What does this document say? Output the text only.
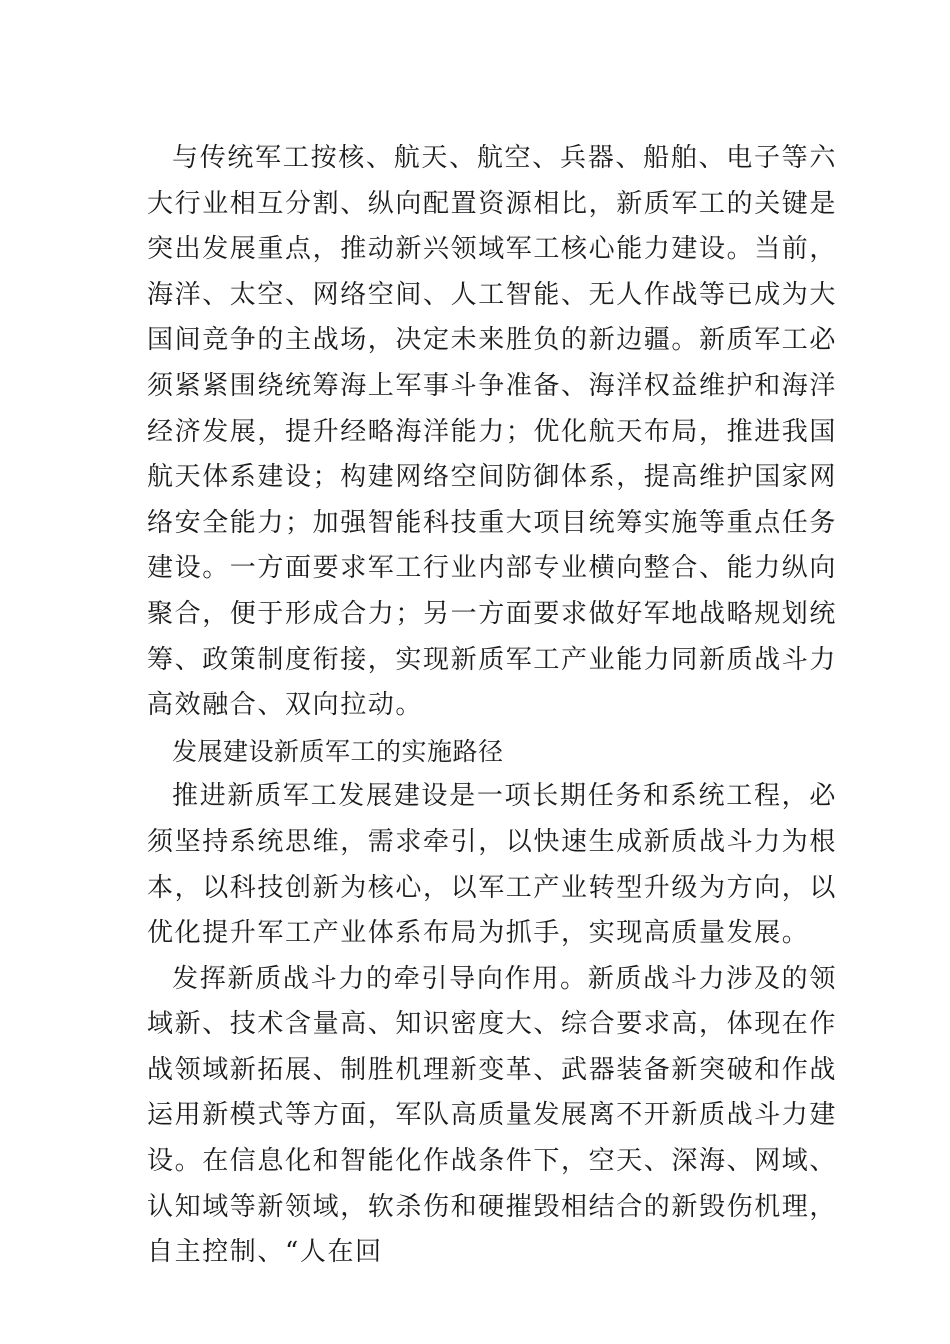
与传统军工按核、航天、航空、兵器、船舶、电子等六大行业相互分割、纵向配置资源相比，新质军工的关键是突出发展重点，推动新兴领域军工核心能力建设。当前，海洋、太空、网络空间、人工智能、无人作战等已成为大国间竞争的主战场，决定未来胜负的新边疆。新质军工必须紧紧围绕统筹海上军事斗争准备、海洋权益维护和海洋经济发展，提升经略海洋能力；优化航天布局，推进我国航天体系建设；构建网络空间防御体系，提高维护国家网络安全能力；加强智能科技重大项目统筹实施等重点任务建设。一方面要求军工行业内部专业横向整合、能力纵向聚合，便于形成合力；另一方面要求做好军地战略规划统筹、政策制度衔接，实现新质军工产业能力同新质战斗力高效融合、双向拉动。

发展建设新质军工的实施路径

推进新质军工发展建设是一项长期任务和系统工程，必须坚持系统思维，需求牵引，以快速生成新质战斗力为根本，以科技创新为核心，以军工产业转型升级为方向，以优化提升军工产业体系布局为抓手，实现高质量发展。

发挥新质战斗力的牵引导向作用。新质战斗力涉及的领域新、技术含量高、知识密度大、综合要求高，体现在作战领域新拓展、制胜机理新变革、武器装备新突破和作战运用新模式等方面，军队高质量发展离不开新质战斗力建设。在信息化和智能化作战条件下，空天、深海、网域、认知域等新领域，软杀伤和硬摧毁相结合的新毁伤机理，自主控制、“人在回
